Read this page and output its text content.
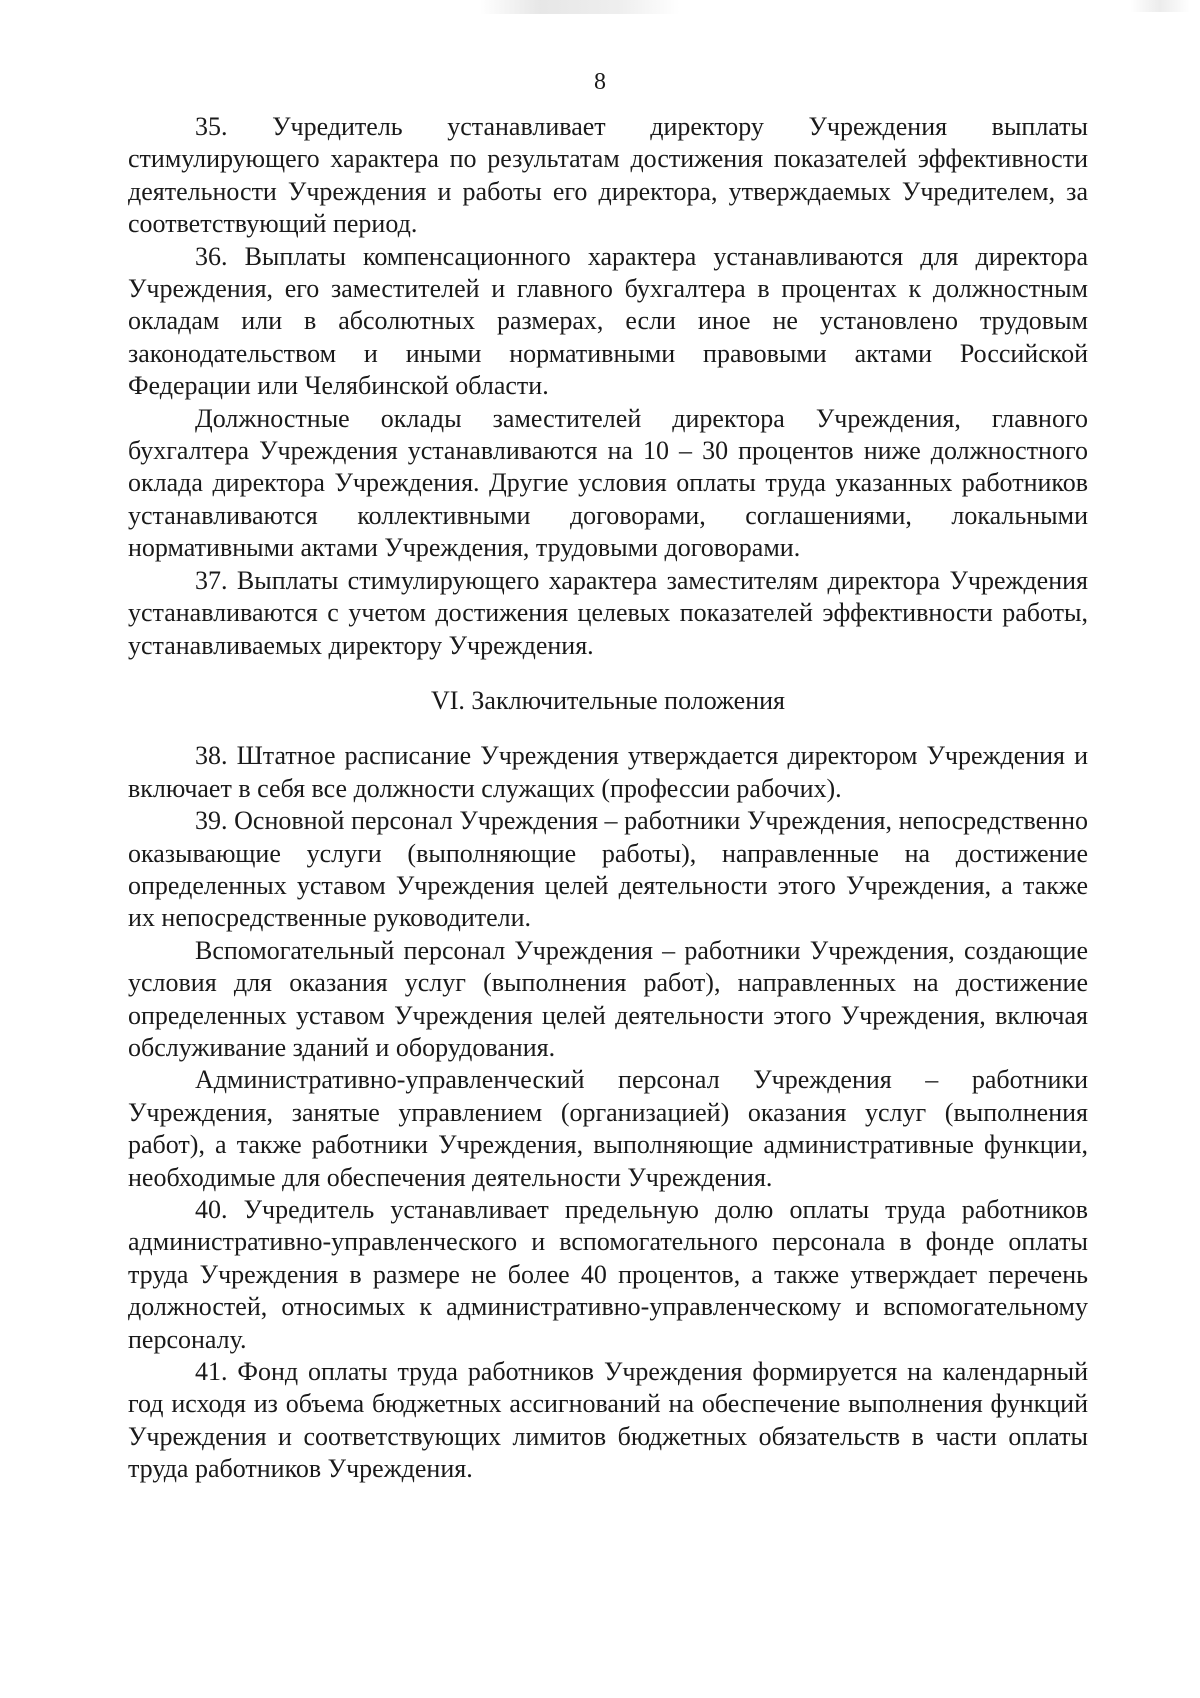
8

35. Учредитель устанавливает директору Учреждения выплаты стимулирующего характера по результатам достижения показателей эффективности деятельности Учреждения и работы его директора, утверждаемых Учредителем, за соответствующий период.

36. Выплаты компенсационного характера устанавливаются для директора Учреждения, его заместителей и главного бухгалтера в процентах к должностным окладам или в абсолютных размерах, если иное не установлено трудовым законодательством и иными нормативными правовыми актами Российской Федерации или Челябинской области.

Должностные оклады заместителей директора Учреждения, главного бухгалтера Учреждения устанавливаются на 10 – 30 процентов ниже должностного оклада директора Учреждения. Другие условия оплаты труда указанных работников устанавливаются коллективными договорами, соглашениями, локальными нормативными актами Учреждения, трудовыми договорами.

37. Выплаты стимулирующего характера заместителям директора Учреждения устанавливаются с учетом достижения целевых показателей эффективности работы, устанавливаемых директору Учреждения.

VI. Заключительные положения

38. Штатное расписание Учреждения утверждается директором Учреждения и включает в себя все должности служащих (профессии рабочих).

39. Основной персонал Учреждения – работники Учреждения, непосредственно оказывающие услуги (выполняющие работы), направленные на достижение определенных уставом Учреждения целей деятельности этого Учреждения, а также их непосредственные руководители.

Вспомогательный персонал Учреждения – работники Учреждения, создающие условия для оказания услуг (выполнения работ), направленных на достижение определенных уставом Учреждения целей деятельности этого Учреждения, включая обслуживание зданий и оборудования.

Административно-управленческий персонал Учреждения – работники Учреждения, занятые управлением (организацией) оказания услуг (выполнения работ), а также работники Учреждения, выполняющие административные функции, необходимые для обеспечения деятельности Учреждения.

40. Учредитель устанавливает предельную долю оплаты труда работников административно-управленческого и вспомогательного персонала в фонде оплаты труда Учреждения в размере не более 40 процентов, а также утверждает перечень должностей, относимых к административно-управленческому и вспомогательному персоналу.

41. Фонд оплаты труда работников Учреждения формируется на календарный год исходя из объема бюджетных ассигнований на обеспечение выполнения функций Учреждения и соответствующих лимитов бюджетных обязательств в части оплаты труда работников Учреждения.
